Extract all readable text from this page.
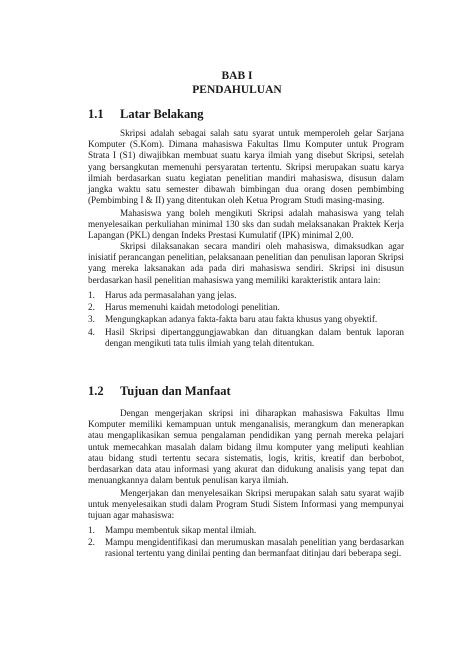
BAB I
PENDAHULUAN
1.1 Latar Belakang

Skripsi adalah sebagai salah satu syarat untuk memperoleh gelar Sarjana Komputer (S.Kom). Dimana mahasiswa Fakultas Ilmu Komputer untuk Program Strata I (S1) diwajibkan membuat suatu karya ilmiah yang disebut Skripsi, setelah yang bersangkutan memenuhi persyaratan tertentu. Skripsi merupakan suatu karya ilmiah berdasarkan suatu kegiatan penelitian mandiri mahasiswa, disusun dalam jangka waktu satu semester dibawah bimbingan dua orang dosen pembimbing (Pembimbing I & II) yang ditentukan oleh Ketua Program Studi masing-masing.

Mahasiswa yang boleh mengikuti Skripsi adalah mahasiswa yang telah menyelesaikan perkuliahan minimal 130 sks dan sudah melaksanakan Praktek Kerja Lapangan (PKL) dengan Indeks Prestasi Kumulatif (IPK) minimal 2,00.

Skripsi dilaksanakan secara mandiri oleh mahasiswa, dimaksudkan agar inisiatif perancangan penelitian, pelaksanaan penelitian dan penulisan laporan Skripsi yang mereka laksanakan ada pada diri mahasiswa sendiri. Skripsi ini disusun berdasarkan hasil penelitian mahasiswa yang memiliki karakteristik antara lain:

1. Harus ada permasalahan yang jelas.
2. Harus memenuhi kaidah metodologi penelitian.
3. Mengungkapkan adanya fakta-fakta baru atau fakta khusus yang obyektif.
4. Hasil Skripsi dipertanggungjawabkan dan dituangkan dalam bentuk laporan dengan mengikuti tata tulis ilmiah yang telah ditentukan.
1.2 Tujuan dan Manfaat

Dengan mengerjakan skripsi ini diharapkan mahasiswa Fakultas Ilmu Komputer memiliki kemampuan untuk menganalisis, merangkum dan menerapkan atau mengaplikasikan semua pengalaman pendidikan yang pernah mereka pelajari untuk memecahkan masalah dalam bidang ilmu komputer yang meliputi keahlian atau bidang studi tertentu secara sistematis, logis, kritis, kreatif dan berbobot, berdasarkan data atau informasi yang akurat dan didukung analisis yang tepat dan menuangkannya dalam bentuk penulisan karya ilmiah.

Mengerjakan dan menyelesaikan Skripsi merupakan salah satu syarat wajib untuk menyelesaikan studi dalam Program Studi Sistem Informasi yang mempunyai tujuan agar mahasiswa:

1. Mampu membentuk sikap mental ilmiah.
2. Mampu mengidentifikasi dan merumuskan masalah penelitian yang berdasarkan rasional tertentu yang dinilai penting dan bermanfaat ditinjau dari beberapa segi.
